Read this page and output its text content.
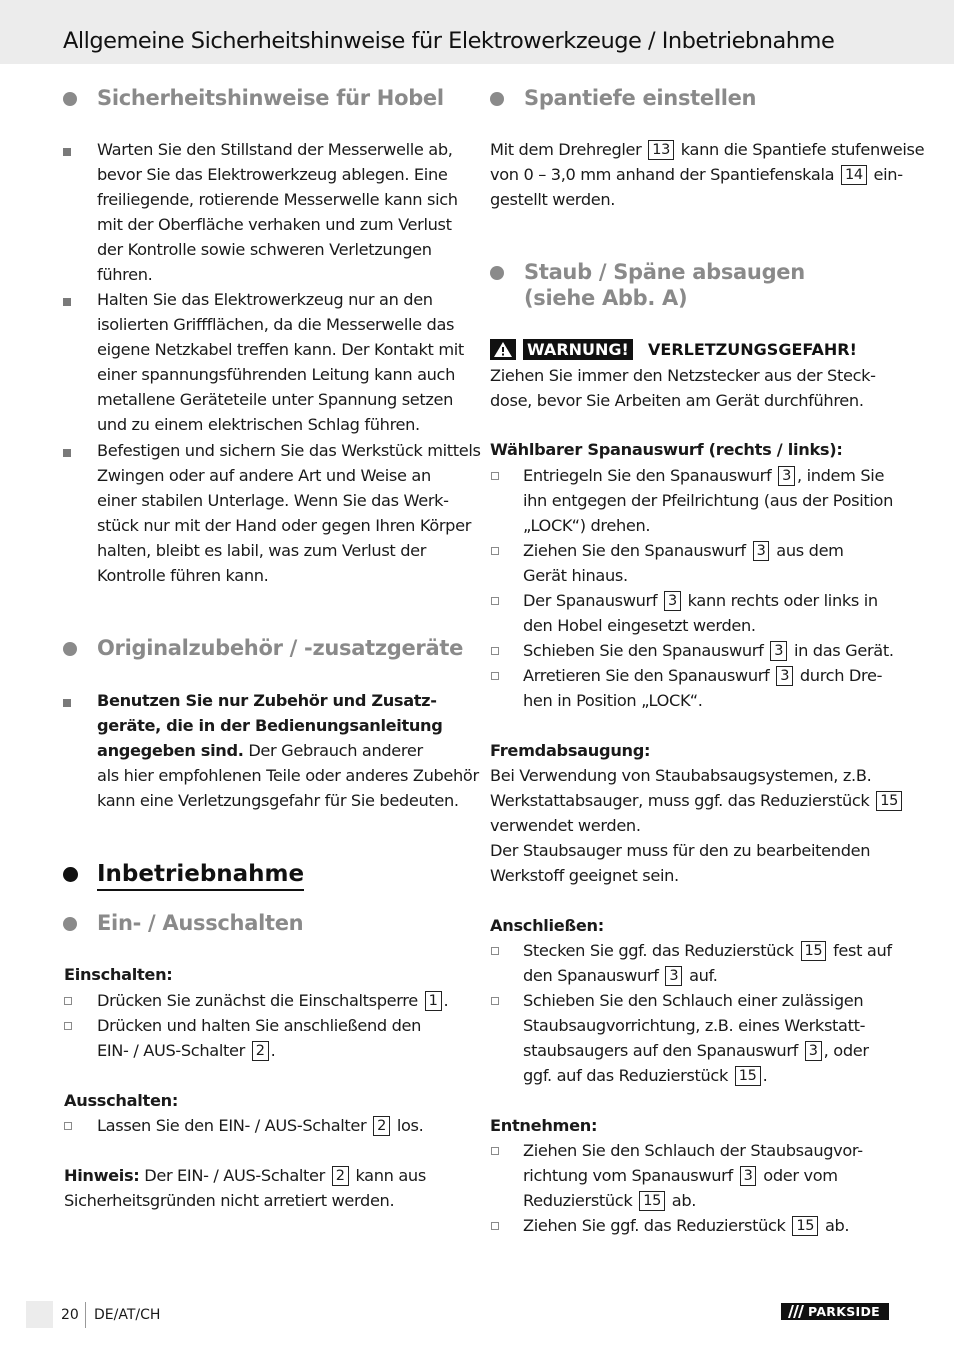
Allgemeine Sicherheitshinweise für Elektrowerkzeuge / Inbetriebnahme
Sicherheitshinweise für Hobel
Warten Sie den Stillstand der Messerwelle ab,
bevor Sie das Elektrowerkzeug ablegen. Eine
freiliegende, rotierende Messerwelle kann sich
mit der Oberfläche verhaken und zum Verlust
der Kontrolle sowie schweren Verletzungen
führen.
Halten Sie das Elektrowerkzeug nur an den
isolierten Griffflächen, da die Messerwelle das
eigene Netzkabel treffen kann. Der Kontakt mit
einer spannungsführenden Leitung kann auch
metallene Geräteteile unter Spannung setzen
und zu einem elektrischen Schlag führen.
Befestigen und sichern Sie das Werkstück mittels
Zwingen oder auf andere Art und Weise an
einer stabilen Unterlage. Wenn Sie das Werk-
stück nur mit der Hand oder gegen Ihren Körper
halten, bleibt es labil, was zum Verlust der
Kontrolle führen kann.
Originalzubehör / -zusatzgeräte
Benutzen Sie nur Zubehör und Zusatz-
geräte, die in der Bedienungsanleitung
angegeben sind. Der Gebrauch anderer
als hier empfohlenen Teile oder anderes Zubehör
kann eine Verletzungsgefahr für Sie bedeuten.
Inbetriebnahme
Ein- / Ausschalten
Einschalten:
Drücken Sie zunächst die Einschaltsperre 1 .
Drücken und halten Sie anschließend den
EIN- / AUS-Schalter 2 .
Ausschalten:
Lassen Sie den EIN- / AUS-Schalter 2 los.
Hinweis: Der EIN- / AUS-Schalter 2 kann aus
Sicherheitsgründen nicht arretiert werden.
Spantiefe einstellen
Mit dem Drehregler 13 kann die Spantiefe stufenweise
von 0 – 3,0 mm anhand der Spantiefenskala 14 ein-
gestellt werden.
Staub / Späne absaugen
(siehe Abb. A)
WARNUNG! VERLETZUNGSGEFAHR!
Ziehen Sie immer den Netzstecker aus der Steck-
dose, bevor Sie Arbeiten am Gerät durchführen.
Wählbarer Spanauswurf (rechts / links):
Entriegeln Sie den Spanauswurf 3 , indem Sie
ihn entgegen der Pfeilrichtung (aus der Position
„LOCK“) drehen.
Ziehen Sie den Spanauswurf 3 aus dem
Gerät hinaus.
Der Spanauswurf 3 kann rechts oder links in
den Hobel eingesetzt werden.
Schieben Sie den Spanauswurf 3 in das Gerät.
Arretieren Sie den Spanauswurf 3 durch Dre-
hen in Position „LOCK“.
Fremdabsaugung:
Bei Verwendung von Staubabsaugsystemen, z.B.
Werkstattabsauger, muss ggf. das Reduzierstück 15
verwendet werden.
Der Staubsauger muss für den zu bearbeitenden
Werkstoff geeignet sein.
Anschließen:
Stecken Sie ggf. das Reduzierstück 15 fest auf
den Spanauswurf 3 auf.
Schieben Sie den Schlauch einer zulässigen
Staubsaugvorrichtung, z.B. eines Werkstatt-
staubsaugers auf den Spanauswurf 3 , oder
ggf. auf das Reduzierstück 15 .
Entnehmen:
Ziehen Sie den Schlauch der Staubsaugvor-
richtung vom Spanauswurf 3 oder vom
Reduzierstück 15 ab.
Ziehen Sie ggf. das Reduzierstück 15 ab.
20 DE/AT/CH	PARKSIDE
